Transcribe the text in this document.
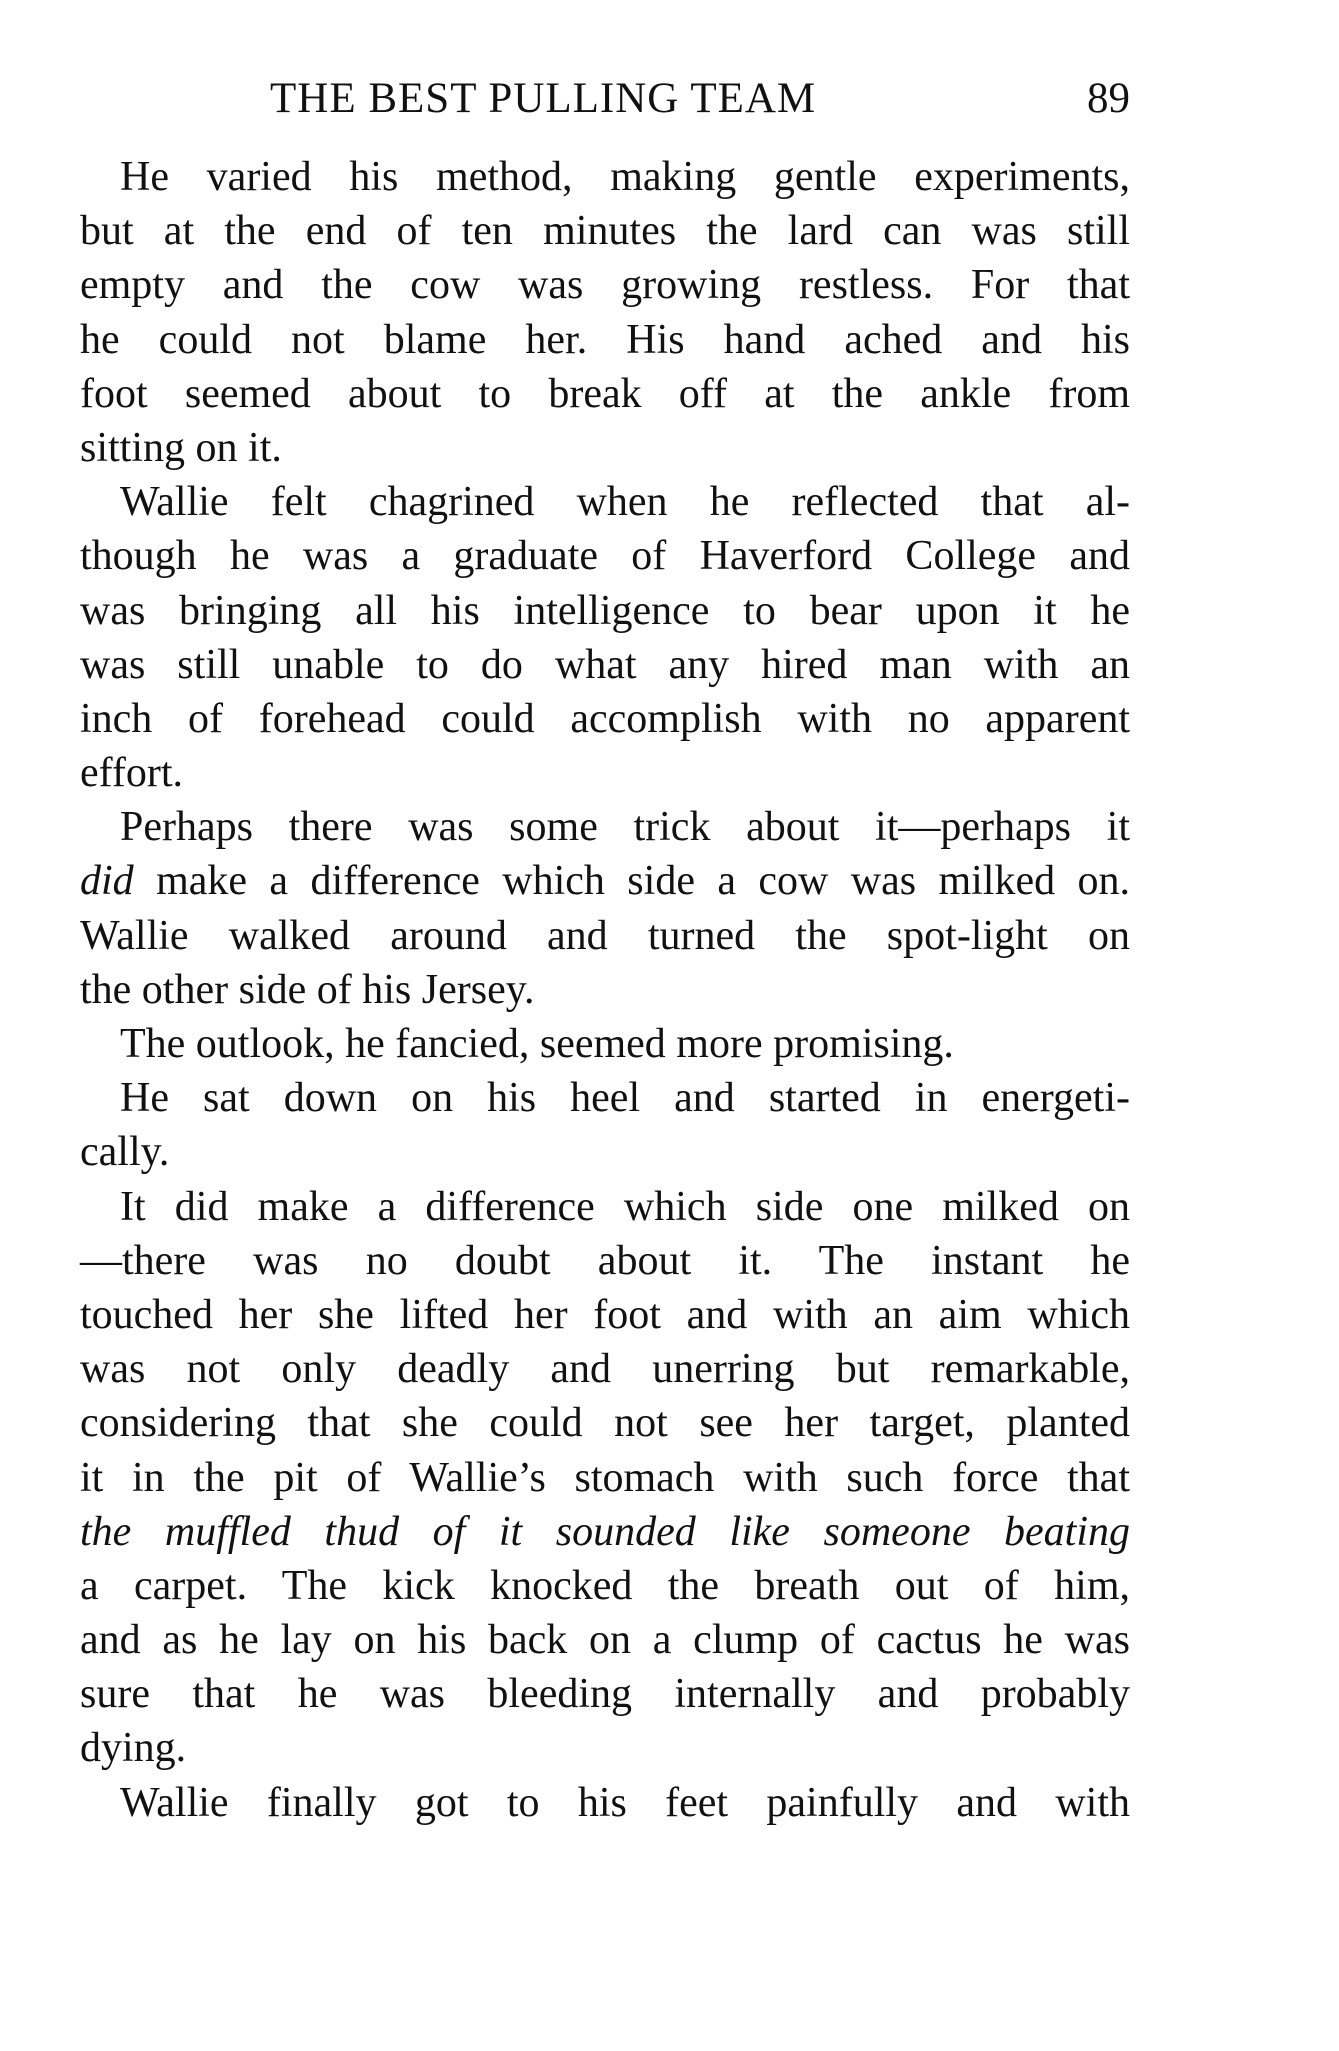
THE BEST PULLING TEAM	89
He varied his method, making gentle experiments,
but at the end of ten minutes the lard can was still
empty and the cow was growing restless. For that
he could not blame her. His hand ached and his
foot seemed about to break off at the ankle from
sitting on it.
Wallie felt chagrined when he reflected that al-
though he was a graduate of Haverford College and
was bringing all his intelligence to bear upon it he
was still unable to do what any hired man with an
inch of forehead could accomplish with no apparent
effort.
Perhaps there was some trick about it—perhaps it
did make a difference which side a cow was milked on.
Wallie walked around and turned the spot-light on
the other side of his Jersey.
The outlook, he fancied, seemed more promising.
He sat down on his heel and started in energeti-
cally.
It did make a difference which side one milked on
—there was no doubt about it. The instant he
touched her she lifted her foot and with an aim which
was not only deadly and unerring but remarkable,
considering that she could not see her target, planted
it in the pit of Wallie’s stomach with such force that
the muffled thud of it sounded like someone beating
a carpet. The kick knocked the breath out of him,
and as he lay on his back on a clump of cactus he was
sure that he was bleeding internally and probably
dying.
Wallie finally got to his feet painfully and with
